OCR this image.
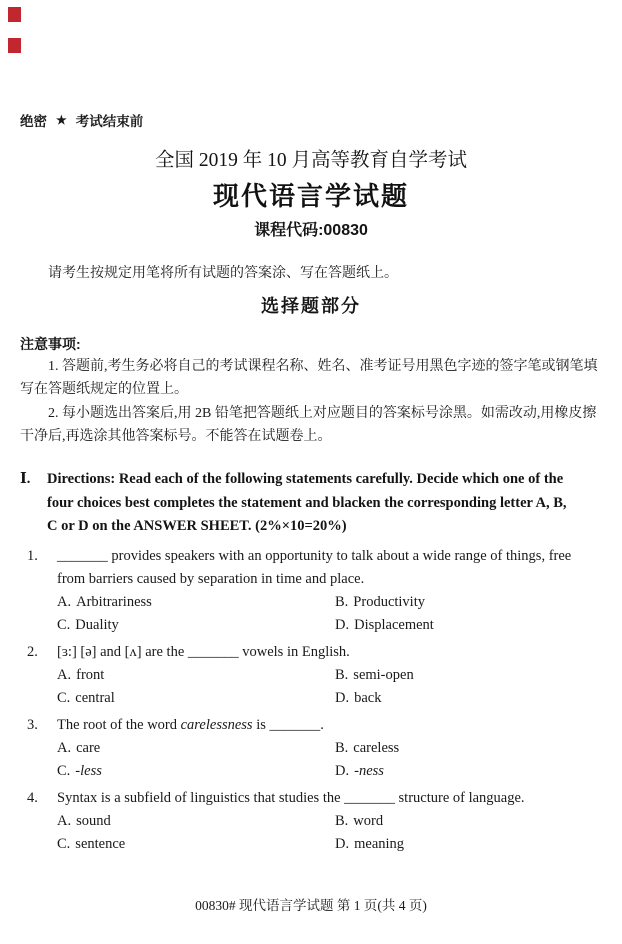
绝密 ★ 考试结束前
全国 2019 年 10 月高等教育自学考试
现代语言学试题
课程代码:00830
请考生按规定用笔将所有试题的答案涂、写在答题纸上。
选择题部分
注意事项:

1. 答题前,考生务必将自己的考试课程名称、姓名、准考证号用黑色字迹的签字笔或钢笔填写在答题纸规定的位置上。

2. 每小题选出答案后,用 2B 铅笔把答题纸上对应题目的答案标号涂黑。如需改动,用橡皮擦干净后,再选涂其他答案标号。不能答在试题卷上。

Ⅰ.	Directions: Read each of the following statements carefully. Decide which one of the four choices best completes the statement and blacken the corresponding letter A, B, C or D on the ANSWER SHEET. (2%×10=20%)
1.	_______ provides speakers with an opportunity to talk about a wide range of things, free from barriers caused by separation in time and place.
A. Arbitrariness	B. Productivity
C. Duality	D. Displacement
2.	[ɜ:] [ə] and [ʌ] are the _______ vowels in English.
A. front	B. semi-open
C. central	D. back
3.	The root of the word carelessness is _______.
A. care	B. careless
C. -less	D. -ness
4.	Syntax is a subfield of linguistics that studies the _______ structure of language.
A. sound	B. word
C. sentence	D. meaning
00830# 现代语言学试题 第 1 页(共 4 页)
